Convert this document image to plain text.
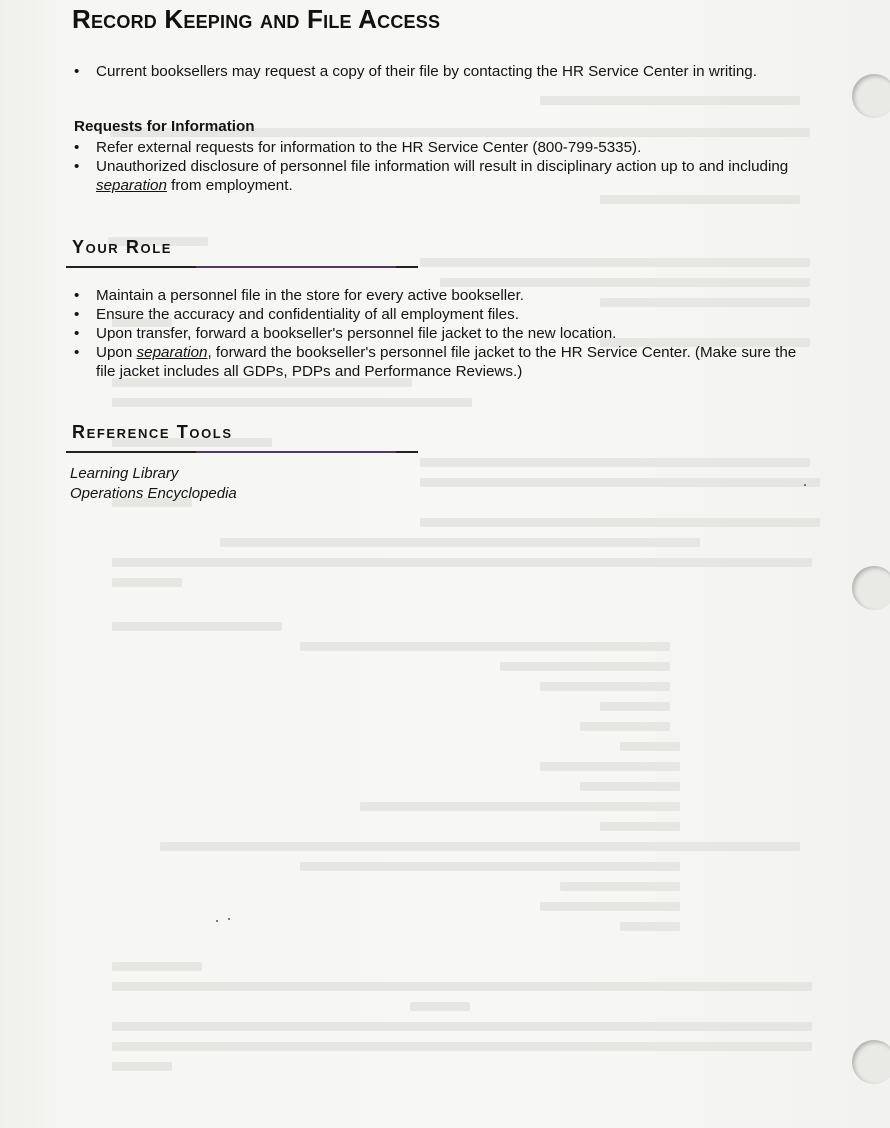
Record Keeping and File Access
• Current booksellers may request a copy of their file by contacting the HR Service Center in writing.
Requests for Information
• Refer external requests for information to the HR Service Center (800-799-5335).
• Unauthorized disclosure of personnel file information will result in disciplinary action up to and including separation from employment.
Your Role
• Maintain a personnel file in the store for every active bookseller.
• Ensure the accuracy and confidentiality of all employment files.
• Upon transfer, forward a bookseller's personnel file jacket to the new location.
• Upon separation, forward the bookseller's personnel file jacket to the HR Service Center. (Make sure the file jacket includes all GDPs, PDPs and Performance Reviews.)
Reference Tools
Learning Library
Operations Encyclopedia
